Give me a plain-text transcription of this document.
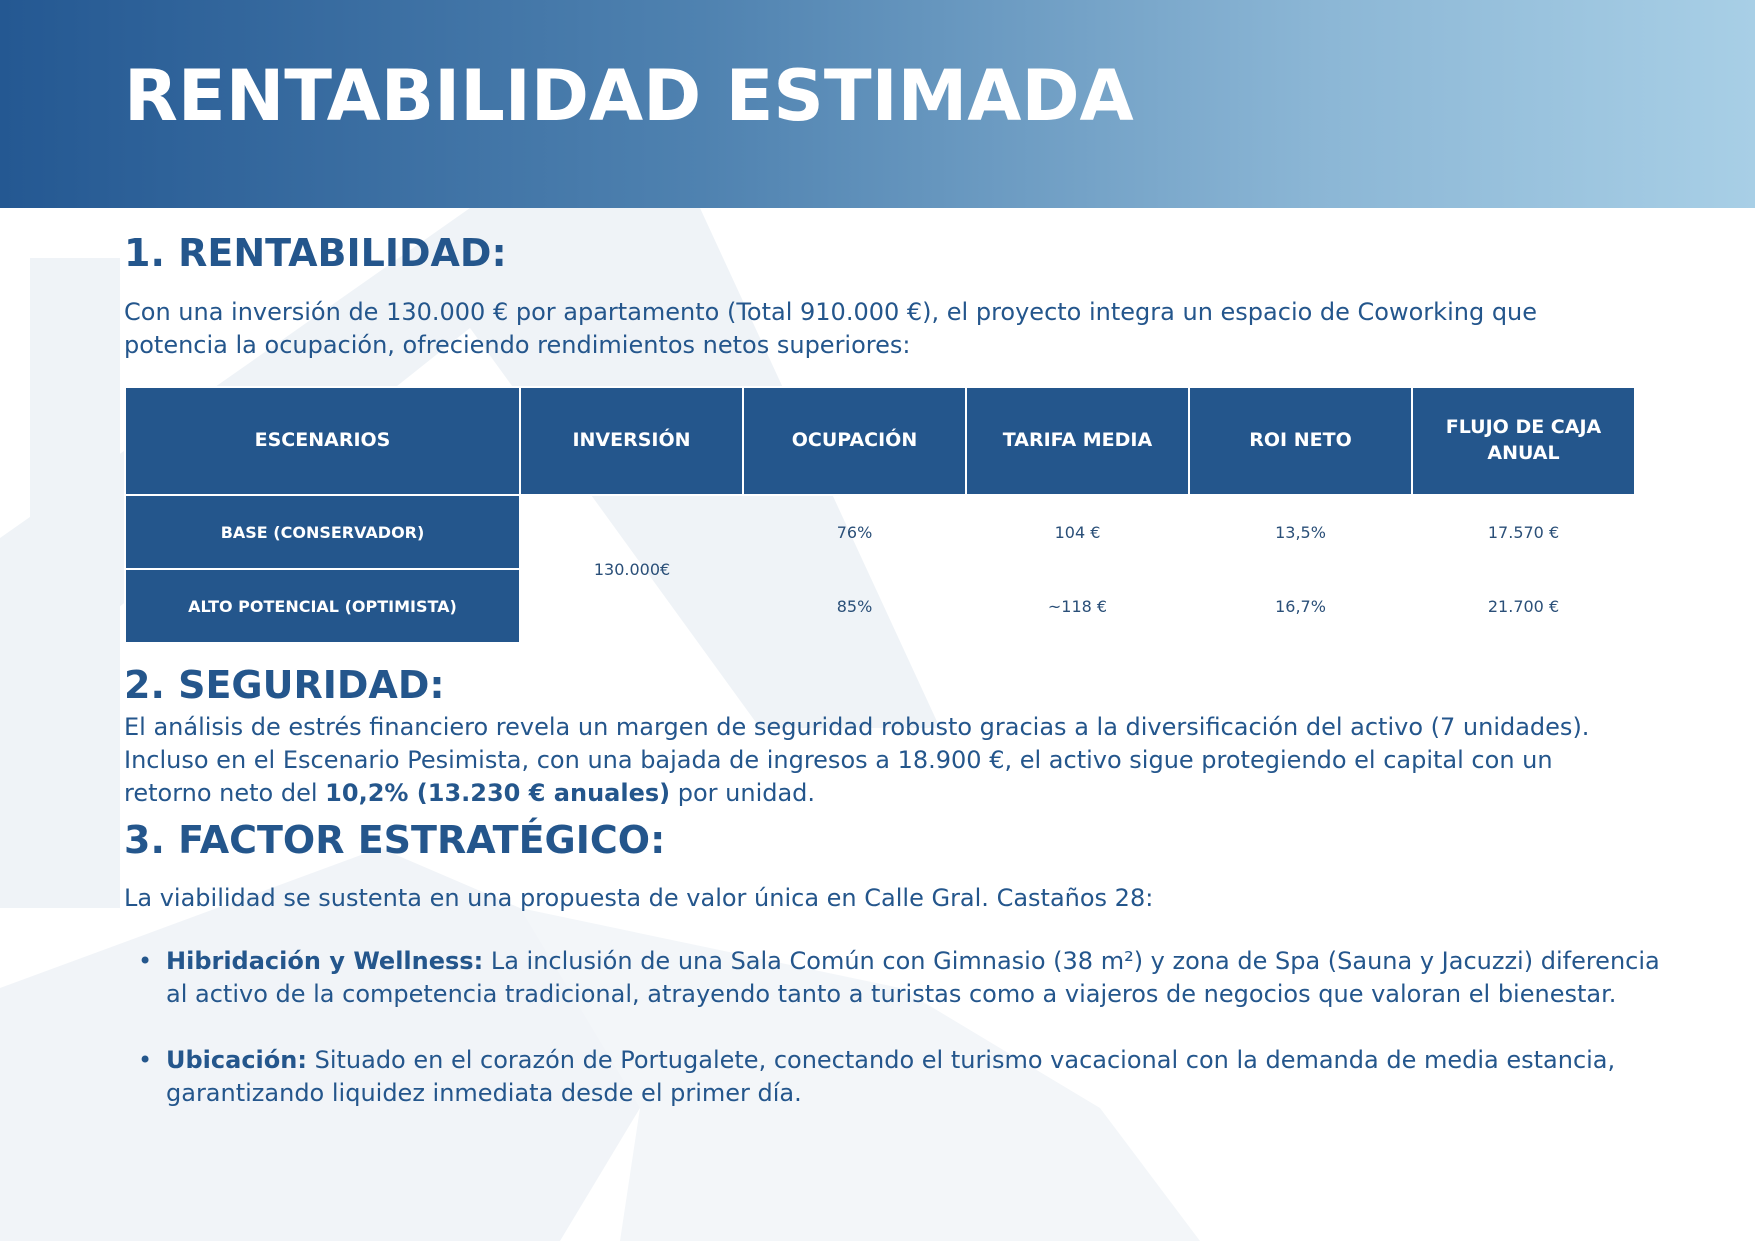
RENTABILIDAD ESTIMADA
1. RENTABILIDAD:

Con una inversión de 130.000 € por apartamento (Total 910.000 €), el proyecto integra un espacio de Coworking que potencia la ocupación, ofreciendo rendimientos netos superiores:

ESCENARIOS	INVERSIÓN	OCUPACIÓN	TARIFA MEDIA	ROI NETO	FLUJO DE CAJA ANUAL
BASE (CONSERVADOR)	130.000€	76%	104 €	13,5%	17.570 €
ALTO POTENCIAL (OPTIMISTA)		85%	~118 €	16,7%	21.700 €
2. SEGURIDAD:

El análisis de estrés financiero revela un margen de seguridad robusto gracias a la diversificación del activo (7 unidades). Incluso en el Escenario Pesimista, con una bajada de ingresos a 18.900 €, el activo sigue protegiendo el capital con un retorno neto del 10,2% (13.230 € anuales) por unidad.

3. FACTOR ESTRATÉGICO:

La viabilidad se sustenta en una propuesta de valor única en Calle Gral. Castaños 28:

• Hibridación y Wellness: La inclusión de una Sala Común con Gimnasio (38 m²) y zona de Spa (Sauna y Jacuzzi) diferencia al activo de la competencia tradicional, atrayendo tanto a turistas como a viajeros de negocios que valoran el bienestar.
• Ubicación: Situado en el corazón de Portugalete, conectando el turismo vacacional con la demanda de media estancia, garantizando liquidez inmediata desde el primer día.
